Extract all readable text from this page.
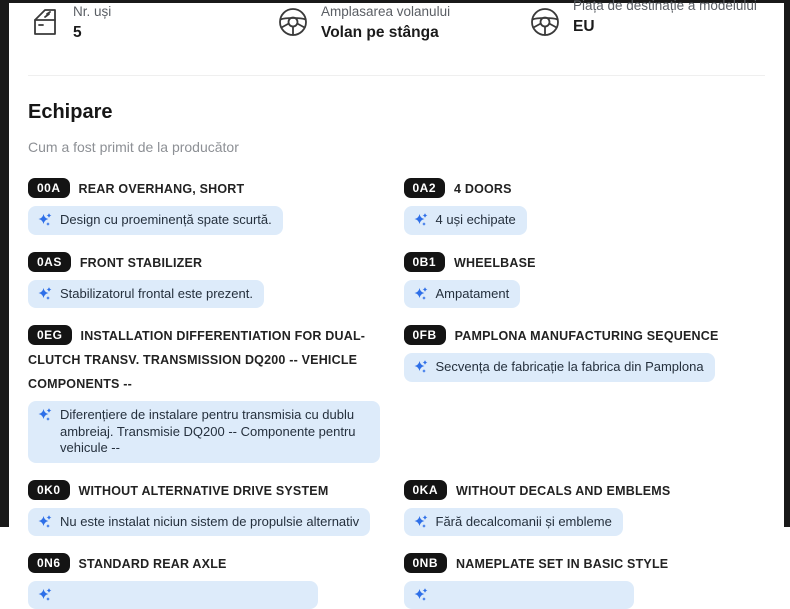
Nr. uși

5

Amplasarea volanului

Volan pe stânga

Piața de destinație a modelului

EU

Echipare

Cum a fost primit de la producător

00A REAR OVERHANG, SHORT

Design cu proeminență spate scurtă.

0A2 4 DOORS

4 uși echipate

0AS FRONT STABILIZER

Stabilizatorul frontal este prezent.

0B1 WHEELBASE

Ampatament

0EG INSTALLATION DIFFERENTIATION FOR DUAL-CLUTCH TRANSV. TRANSMISSION DQ200 -- VEHICLE COMPONENTS --

Diferențiere de instalare pentru transmisia cu dublu ambreiaj. Transmisie DQ200 -- Componente pentru vehicule --

0FB PAMPLONA MANUFACTURING SEQUENCE

Secvența de fabricație la fabrica din Pamplona

0K0 WITHOUT ALTERNATIVE DRIVE SYSTEM

Nu este instalat niciun sistem de propulsie alternativ

0KA WITHOUT DECALS AND EMBLEMS

Fără decalcomanii și embleme

0N6 STANDARD REAR AXLE	0NB NAMEPLATE SET IN BASIC STYLE
